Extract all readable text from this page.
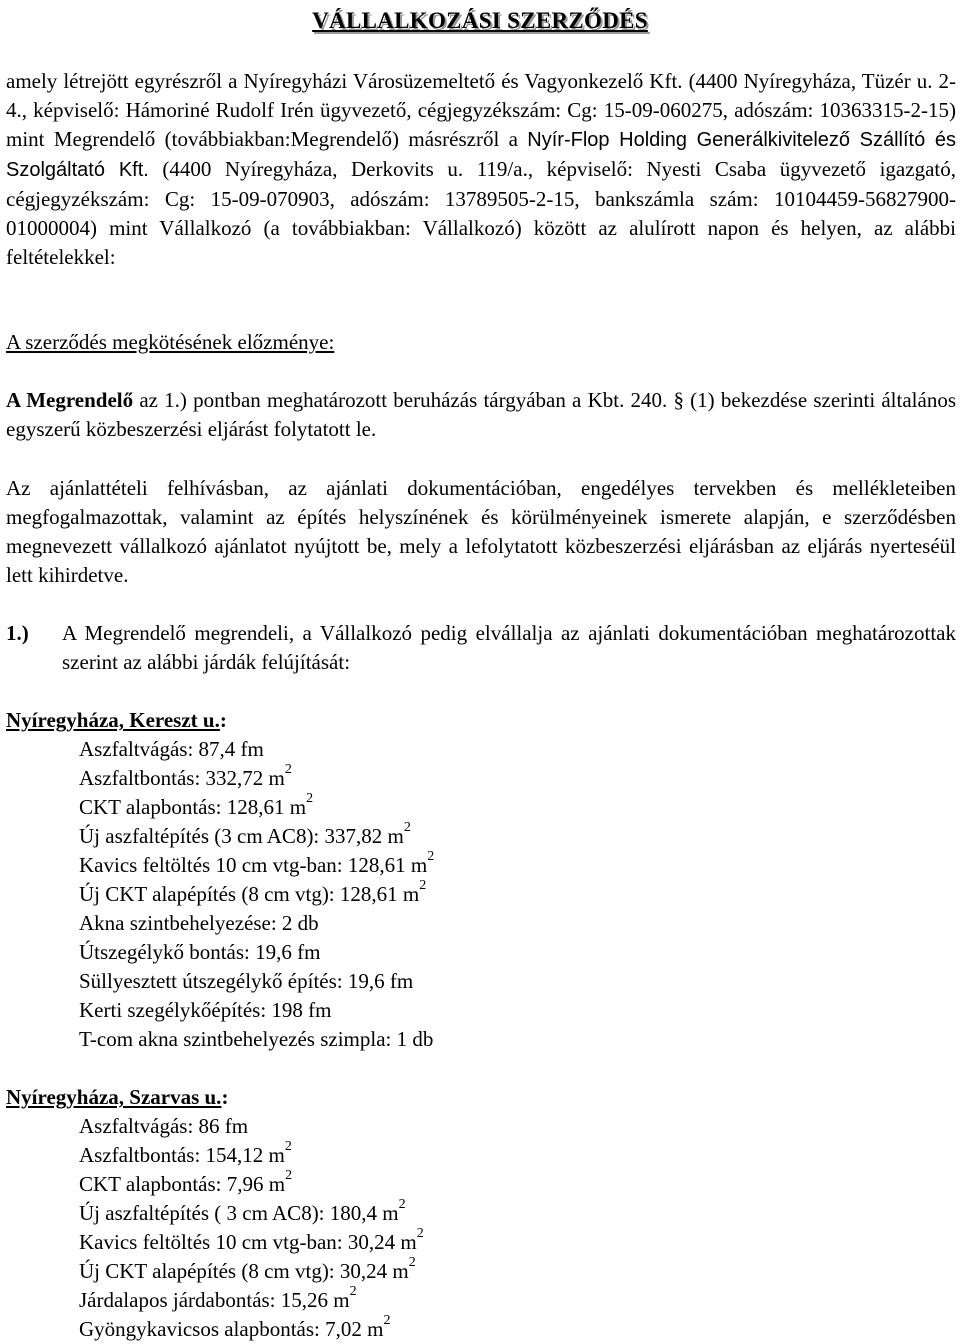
VÁLLALKOZÁSI SZERZŐDÉS

amely létrejött egyrészről a Nyíregyházi Városüzemeltető és Vagyonkezelő Kft. (4400 Nyíregyháza, Tüzér u. 2-4., képviselő: Hámoriné Rudolf Irén ügyvezető, cégjegyzékszám: Cg: 15-09-060275, adószám: 10363315-2-15) mint Megrendelő (továbbiakban:Megrendelő) másrészről a Nyír-Flop Holding Generálkivitelező Szállító és Szolgáltató Kft. (4400 Nyíregyháza, Derkovits u. 119/a., képviselő: Nyesti Csaba ügyvezető igazgató, cégjegyzékszám: Cg: 15-09-070903, adószám: 13789505-2-15, bankszámla szám: 10104459-56827900-01000004) mint Vállalkozó (a továbbiakban: Vállalkozó) között az alulírott napon és helyen, az alábbi feltételekkel:

A szerződés megkötésének előzménye:
A Megrendelő az 1.) pontban meghatározott beruházás tárgyában a Kbt. 240. § (1) bekezdése szerinti általános egyszerű közbeszerzési eljárást folytatott le.
Az ajánlattételi felhívásban, az ajánlati dokumentációban, engedélyes tervekben és mellékleteiben megfogalmazottak, valamint az építés helyszínének és körülményeinek ismerete alapján, e szerződésben megnevezett vállalkozó ajánlatot nyújtott be, mely a lefolytatott közbeszerzési eljárásban az eljárás nyerteséül lett kihirdetve.
1.)	A Megrendelő megrendeli, a Vállalkozó pedig elvállalja az ajánlati dokumentációban meghatározottak szerint az alábbi járdák felújítását:
Nyíregyháza, Kereszt u.:
Aszfaltvágás: 87,4 fm
Aszfaltbontás: 332,72 $m^2$
CKT alapbontás: 128,61 $m^2$
Új aszfaltépítés (3 cm AC8): 337,82 $m^2$
Kavics feltöltés 10 cm vtg-ban: 128,61 $m^2$
Új CKT alapépítés (8 cm vtg): 128,61 $m^2$
Akna szintbehelyezése: 2 db
Útszegélykő bontás: 19,6 fm
Süllyesztett útszegélykő építés: 19,6 fm
Kerti szegélykőépítés: 198 fm
T-com akna szintbehelyezés szimpla: 1 db
Nyíregyháza, Szarvas u.:
Aszfaltvágás: 86 fm
Aszfaltbontás: 154,12 $m^2$
CKT alapbontás: 7,96 $m^2$
Új aszfaltépítés ( 3 cm AC8): 180,4 $m^2$
Kavics feltöltés 10 cm vtg-ban: 30,24 $m^2$
Új CKT alapépítés (8 cm vtg): 30,24 $m^2$
Járdalapos járdabontás: 15,26 $m^2$
Gyöngykavicsos alapbontás: 7,02 $m^2$
